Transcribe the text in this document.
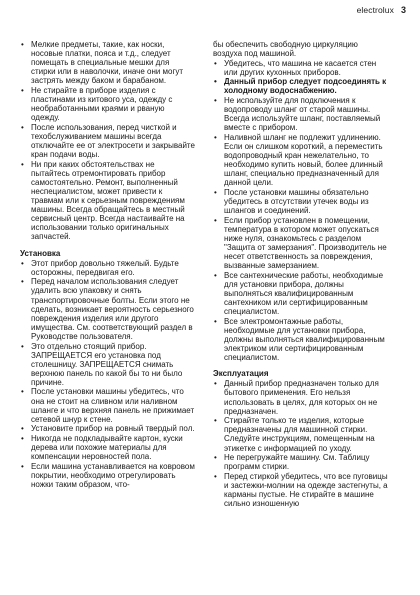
electrolux 3
• Мелкие предметы, такие, как носки, носовые платки, пояса и т.д., следует помещать в специальные мешки для стирки или в наволочки, иначе они могут застрять между баком и барабаном.
• Не стирайте в приборе изделия с пластинами из китового уса, одежду с необработанными краями и рваную одежду.
• После использования, перед чисткой и техобслуживанием машины всегда отключайте ее от электросети и закрывайте кран подачи воды.
• Ни при каких обстоятельствах не пытайтесь отремонтировать прибор самостоятельно. Ремонт, выполненный неспециалистом, может привести к травмам или к серьезным повреждениям машины. Всегда обращайтесь в местный сервисный центр. Всегда настаивайте на использовании только оригинальных запчастей.
Установка
• Этот прибор довольно тяжелый. Будьте осторожны, передвигая его.
• Перед началом использования следует удалить всю упаковку и снять транспортировочные болты. Если этого не сделать, возникает вероятность серьезного повреждения изделия или другого имущества. См. соответствующий раздел в Руководстве пользователя.
• Это отдельно стоящий прибор. ЗАПРЕЩАЕТСЯ его установка под столешницу. ЗАПРЕЩАЕТСЯ снимать верхнюю панель по какой бы то ни было причине.
• После установки машины убедитесь, что она не стоит на сливном или наливном шланге и что верхняя панель не прижимает сетевой шнур к стене.
• Установите прибор на ровный твердый пол.
• Никогда не подкладывайте картон, куски дерева или похожие материалы для компенсации неровностей пола.
• Если машина устанавливается на ковровом покрытии, необходимо отрегулировать ножки таким образом, что-
бы обеспечить свободную циркуляцию воздуха под машиной.
• Убедитесь, что машина не касается стен или других кухонных приборов.
• Данный прибор следует подсоединять к холодному водоснабжению.
• Не используйте для подключения к водопроводу шланг от старой машины. Всегда используйте шланг, поставляемый вместе с прибором.
• Наливной шланг не подлежит удлинению. Если он слишком короткий, а переместить водопроводный кран нежелательно, то необходимо купить новый, более длинный шланг, специально предназначенный для данной цели.
• После установки машины обязательно убедитесь в отсутствии утечек воды из шлангов и соединений.
• Если прибор установлен в помещении, температура в котором может опускаться ниже нуля, ознакомьтесь с разделом "Защита от замерзания". Производитель не несет ответственность за повреждения, вызванные замерзанием.
• Все сантехнические работы, необходимые для установки прибора, должны выполняться квалифицированным сантехником или сертифицированным специалистом.
• Все электромонтажные работы, необходимые для установки прибора, должны выполняться квалифицированным электриком или сертифицированным специалистом.
Эксплуатация
• Данный прибор предназначен только для бытового применения. Его нельзя использовать в целях, для которых он не предназначен.
• Стирайте только те изделия, которые предназначены для машинной стирки. Следуйте инструкциям, помещенным на этикетке с информацией по уходу.
• Не перегружайте машину. См. Таблицу программ стирки.
• Перед стиркой убедитесь, что все пуговицы и застежки-молнии на одежде застегнуты, а карманы пустые. Не стирайте в машине сильно изношенную
